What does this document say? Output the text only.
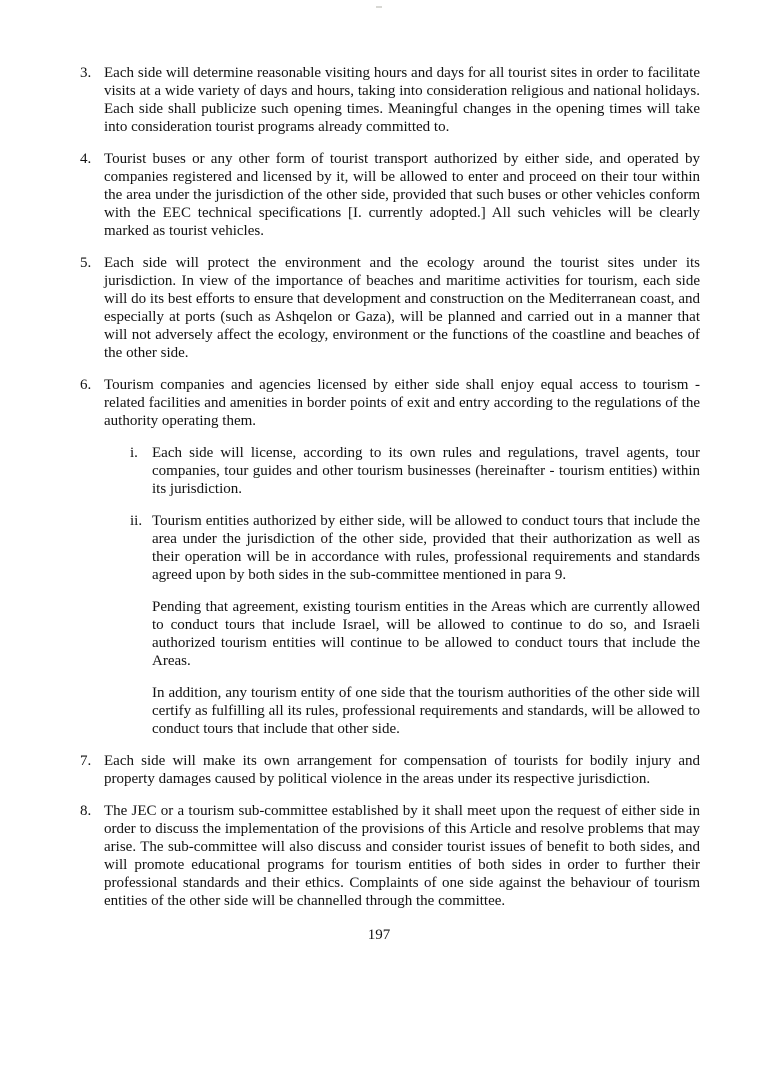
3. Each side will determine reasonable visiting hours and days for all tourist sites in order to facilitate visits at a wide variety of days and hours, taking into consideration religious and national holidays. Each side shall publicize such opening times. Meaningful changes in the opening times will take into consideration tourist programs already committed to.

4. Tourist buses or any other form of tourist transport authorized by either side, and operated by companies registered and licensed by it, will be allowed to enter and proceed on their tour within the area under the jurisdiction of the other side, provided that such buses or other vehicles conform with the EEC technical specifications [I. currently adopted.] All such vehicles will be clearly marked as tourist vehicles.

5. Each side will protect the environment and the ecology around the tourist sites under its jurisdiction. In view of the importance of beaches and maritime activities for tourism, each side will do its best efforts to ensure that development and construction on the Mediterranean coast, and especially at ports (such as Ashqelon or Gaza), will be planned and carried out in a manner that will not adversely affect the ecology, environment or the functions of the coastline and beaches of the other side.

6. Tourism companies and agencies licensed by either side shall enjoy equal access to tourism - related facilities and amenities in border points of exit and entry according to the regulations of the authority operating them.

i. Each side will license, according to its own rules and regulations, travel agents, tour companies, tour guides and other tourism businesses (hereinafter - tourism entities) within its jurisdiction.

ii. Tourism entities authorized by either side, will be allowed to conduct tours that include the area under the jurisdiction of the other side, provided that their authorization as well as their operation will be in accordance with rules, professional requirements and standards agreed upon by both sides in the sub-committee mentioned in para 9.

Pending that agreement, existing tourism entities in the Areas which are currently allowed to conduct tours that include Israel, will be allowed to continue to do so, and Israeli authorized tourism entities will continue to be allowed to conduct tours that include the Areas.

In addition, any tourism entity of one side that the tourism authorities of the other side will certify as fulfilling all its rules, professional requirements and standards, will be allowed to conduct tours that include that other side.

7. Each side will make its own arrangement for compensation of tourists for bodily injury and property damages caused by political violence in the areas under its respective jurisdiction.

8. The JEC or a tourism sub-committee established by it shall meet upon the request of either side in order to discuss the implementation of the provisions of this Article and resolve problems that may arise. The sub-committee will also discuss and consider tourist issues of benefit to both sides, and will promote educational programs for tourism entities of both sides in order to further their professional standards and their ethics. Complaints of one side against the behaviour of tourism entities of the other side will be channelled through the committee.

197
